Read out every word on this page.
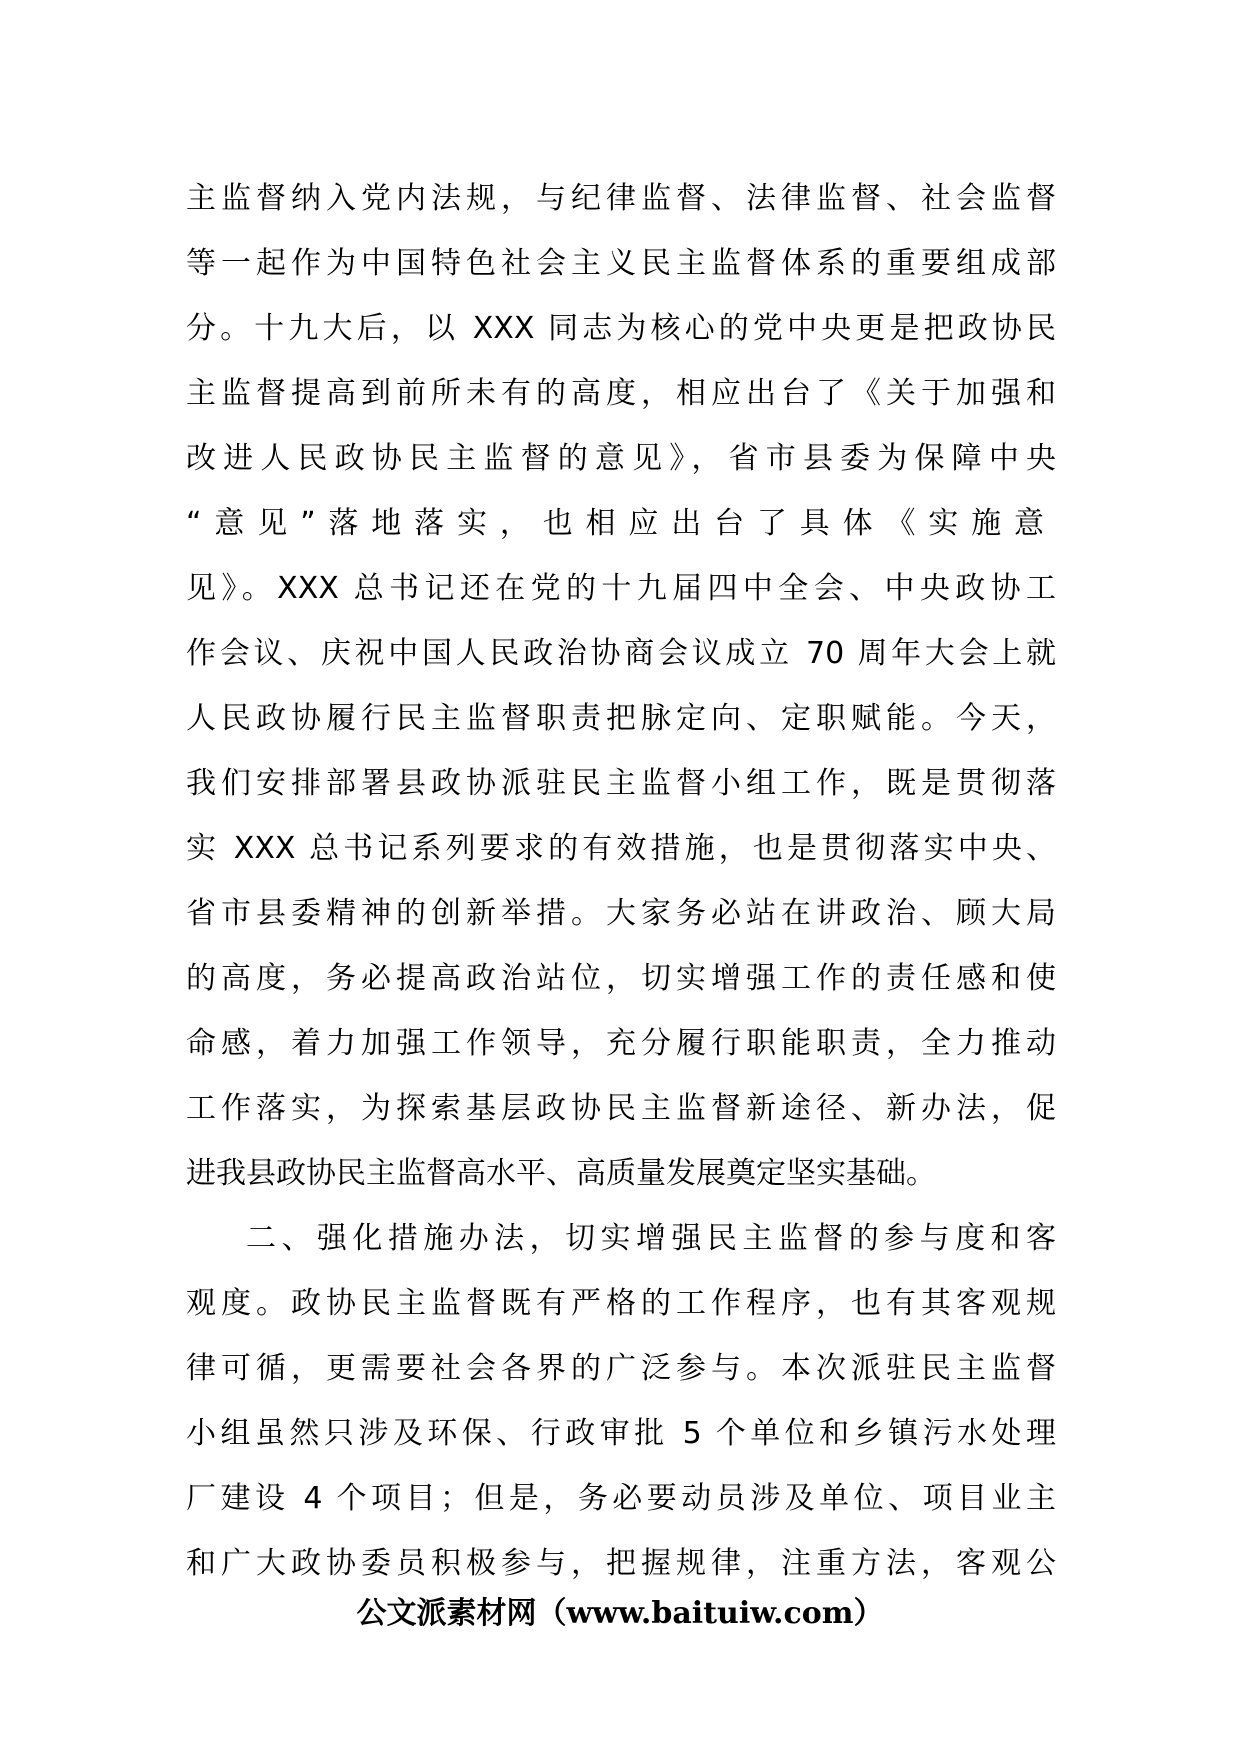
主监督纳入党内法规，与纪律监督、法律监督、社会监督
等一起作为中国特色社会主义民主监督体系的重要组成部
分。十九大后，以 XXX 同志为核心的党中央更是把政协民
主监督提高到前所未有的高度，相应出台了《关于加强和
改进人民政协民主监督的意见》，省市县委为保障中央
“意见”落地落实，也相应出台了具体《实施意
见》。XXX 总书记还在党的十九届四中全会、中央政协工
作会议、庆祝中国人民政治协商会议成立 70 周年大会上就
人民政协履行民主监督职责把脉定向、定职赋能。今天，
我们安排部署县政协派驻民主监督小组工作，既是贯彻落
实 XXX 总书记系列要求的有效措施，也是贯彻落实中央、
省市县委精神的创新举措。大家务必站在讲政治、顾大局
的高度，务必提高政治站位，切实增强工作的责任感和使
命感，着力加强工作领导，充分履行职能职责，全力推动
工作落实，为探索基层政协民主监督新途径、新办法，促
进我县政协民主监督高水平、高质量发展奠定坚实基础。
二、强化措施办法，切实增强民主监督的参与度和客
观度。政协民主监督既有严格的工作程序，也有其客观规
律可循，更需要社会各界的广泛参与。本次派驻民主监督
小组虽然只涉及环保、行政审批 5 个单位和乡镇污水处理
厂建设 4 个项目；但是，务必要动员涉及单位、项目业主
和广大政协委员积极参与，把握规律，注重方法，客观公
公文派素材网（www.baituiw.com）
